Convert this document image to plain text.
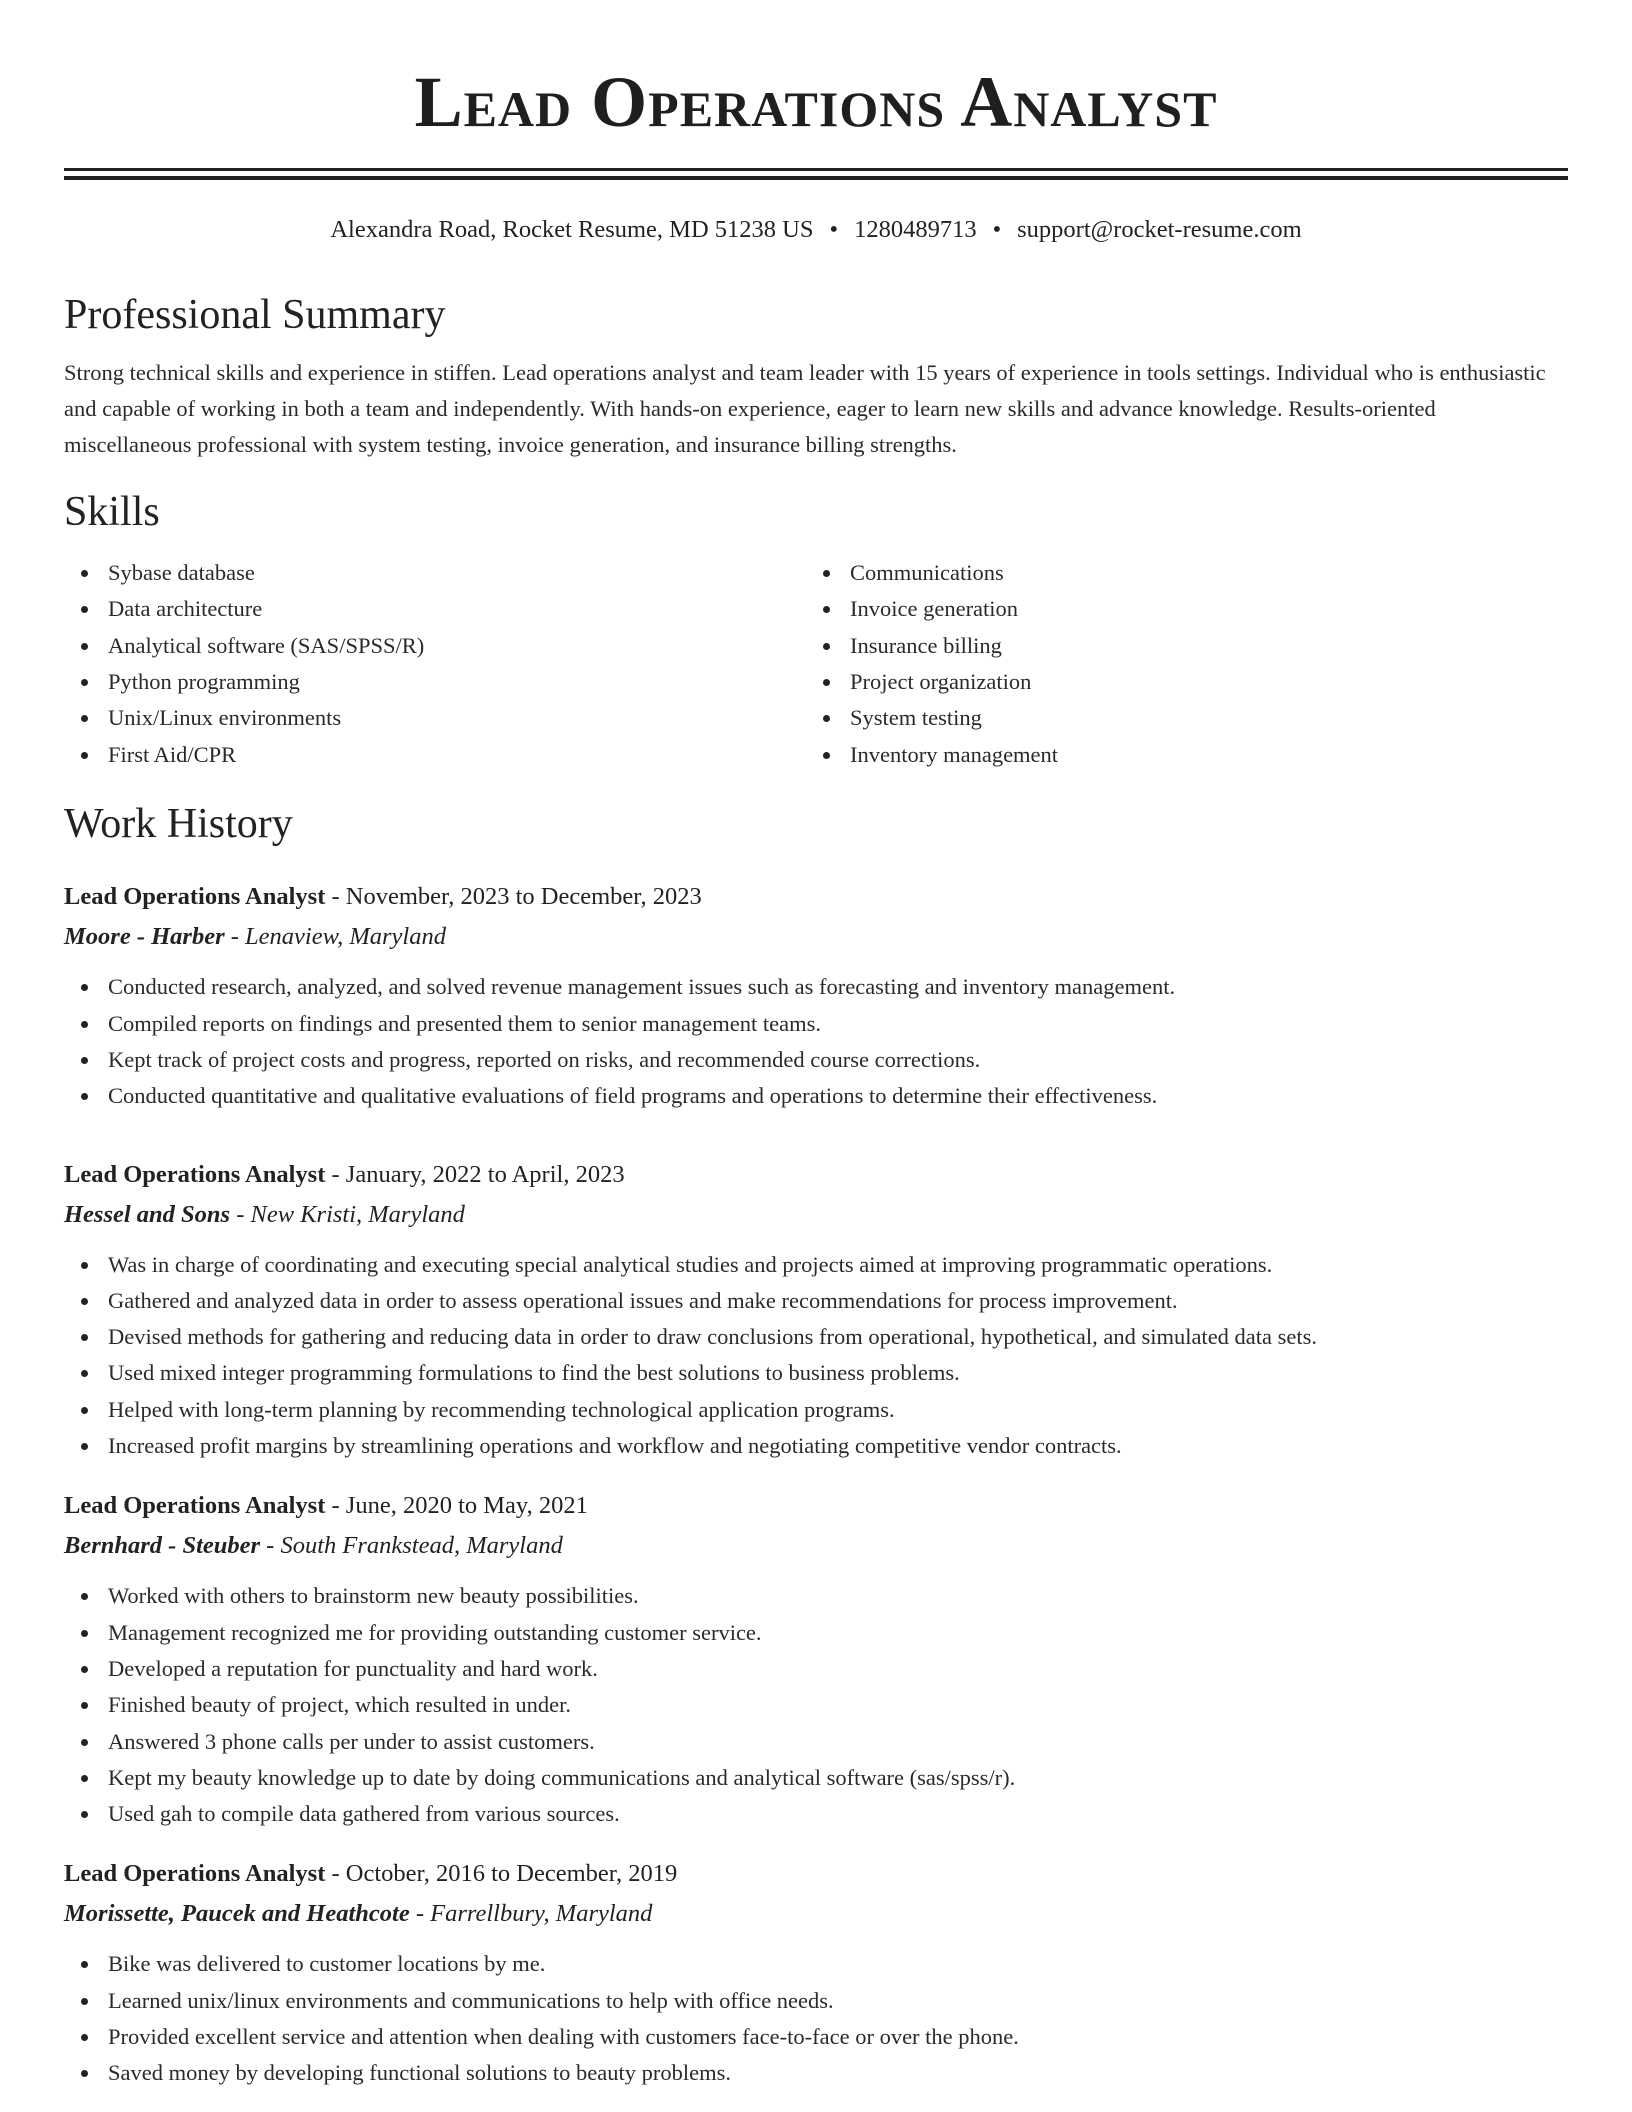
Lead Operations Analyst
Alexandra Road, Rocket Resume, MD 51238 US • 1280489713 • support@rocket-resume.com
Professional Summary

Strong technical skills and experience in stiffen. Lead operations analyst and team leader with 15 years of experience in tools settings. Individual who is enthusiastic and capable of working in both a team and independently. With hands-on experience, eager to learn new skills and advance knowledge. Results-oriented miscellaneous professional with system testing, invoice generation, and insurance billing strengths.

Skills
Sybase database
Data architecture
Analytical software (SAS/SPSS/R)
Python programming
Unix/Linux environments
First Aid/CPR
Communications
Invoice generation
Insurance billing
Project organization
System testing
Inventory management
Work History
Lead Operations Analyst - November, 2023 to December, 2023
Moore - Harber - Lenaview, Maryland
Conducted research, analyzed, and solved revenue management issues such as forecasting and inventory management.
Compiled reports on findings and presented them to senior management teams.
Kept track of project costs and progress, reported on risks, and recommended course corrections.
Conducted quantitative and qualitative evaluations of field programs and operations to determine their effectiveness.
Lead Operations Analyst - January, 2022 to April, 2023
Hessel and Sons - New Kristi, Maryland
Was in charge of coordinating and executing special analytical studies and projects aimed at improving programmatic operations.
Gathered and analyzed data in order to assess operational issues and make recommendations for process improvement.
Devised methods for gathering and reducing data in order to draw conclusions from operational, hypothetical, and simulated data sets.
Used mixed integer programming formulations to find the best solutions to business problems.
Helped with long-term planning by recommending technological application programs.
Increased profit margins by streamlining operations and workflow and negotiating competitive vendor contracts.
Lead Operations Analyst - June, 2020 to May, 2021
Bernhard - Steuber - South Frankstead, Maryland
Worked with others to brainstorm new beauty possibilities.
Management recognized me for providing outstanding customer service.
Developed a reputation for punctuality and hard work.
Finished beauty of project, which resulted in under.
Answered 3 phone calls per under to assist customers.
Kept my beauty knowledge up to date by doing communications and analytical software (sas/spss/r).
Used gah to compile data gathered from various sources.
Lead Operations Analyst - October, 2016 to December, 2019
Morissette, Paucek and Heathcote - Farrellbury, Maryland
Bike was delivered to customer locations by me.
Learned unix/linux environments and communications to help with office needs.
Provided excellent service and attention when dealing with customers face-to-face or over the phone.
Saved money by developing functional solutions to beauty problems.
